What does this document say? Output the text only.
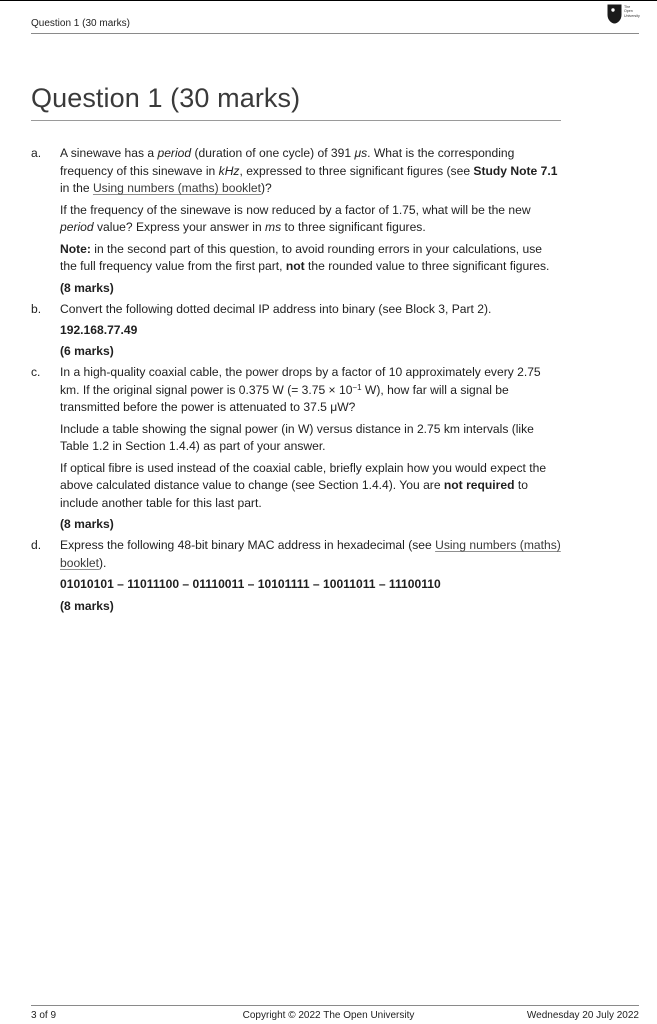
Question 1 (30 marks)
The Open University
Question 1 (30 marks)
a.	A sinewave has a period (duration of one cycle) of 391 μs. What is the corresponding frequency of this sinewave in kHz, expressed to three significant figures (see Study Note 7.1 in the Using numbers (maths) booklet)?

If the frequency of the sinewave is now reduced by a factor of 1.75, what will be the new period value? Express your answer in ms to three significant figures.

Note: in the second part of this question, to avoid rounding errors in your calculations, use the full frequency value from the first part, not the rounded value to three significant figures.

(8 marks)

b.	Convert the following dotted decimal IP address into binary (see Block 3, Part 2).

192.168.77.49

(6 marks)

c.	In a high-quality coaxial cable, the power drops by a factor of 10 approximately every 2.75 km. If the original signal power is 0.375 W (= $3.75 \times 10^{-1}$ W), how far will a signal be transmitted before the power is attenuated to 37.5 μW?

Include a table showing the signal power (in W) versus distance in 2.75 km intervals (like Table 1.2 in Section 1.4.4) as part of your answer.

If optical fibre is used instead of the coaxial cable, briefly explain how you would expect the above calculated distance value to change (see Section 1.4.4). You are not required to include another table for this last part.

(8 marks)

d.	Express the following 48-bit binary MAC address in hexadecimal (see Using numbers (maths) booklet).

01010101 – 11011100 – 01110011 – 10101111 – 10011011 – 11100110

(8 marks)

3 of 9	Copyright © 2022 The Open University	Wednesday 20 July 2022
